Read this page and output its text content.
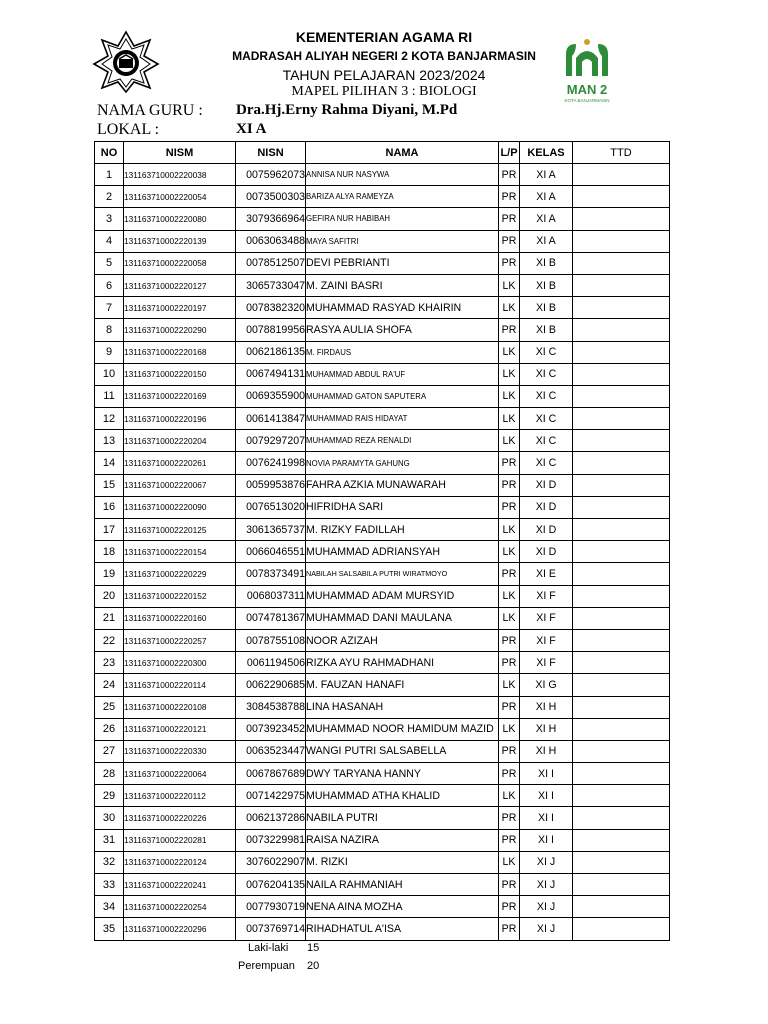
MAN 2
KOTA BANJARMASIN
KEMENTERIAN AGAMA RI
MADRASAH ALIYAH NEGERI 2 KOTA BANJARMASIN
TAHUN PELAJARAN 2023/2024
MAPEL PILIHAN 3 : BIOLOGI
NAMA GURU : Dra.Hj.Erny Rahma Diyani, M.Pd
LOKAL :	XI A
NO	NISM	NISN	NAMA	L/P	KELAS	TTD
1	131163710002220038	0075962073	ANNISA NUR NASYWA	PR	XI A	
2	131163710002220054	0073500303	BARIZA ALYA RAMEYZA	PR	XI A	
3	131163710002220080	3079366964	GEFIRA NUR HABIBAH	PR	XI A	
4	131163710002220139	0063063488	MAYA SAFITRI	PR	XI A	
5	131163710002220058	0078512507	DEVI PEBRIANTI	PR	XI B	
6	131163710002220127	3065733047	M. ZAINI BASRI	LK	XI B	
7	131163710002220197	0078382320	MUHAMMAD RASYAD KHAIRIN	LK	XI B	
8	131163710002220290	0078819956	RASYA AULIA SHOFA	PR	XI B	
9	131163710002220168	0062186135	M. FIRDAUS	LK	XI C	
10	131163710002220150	0067494131	MUHAMMAD ABDUL RA'UF	LK	XI C	
11	131163710002220169	0069355900	MUHAMMAD GATON SAPUTERA	LK	XI C	
12	131163710002220196	0061413847	MUHAMMAD RAIS HIDAYAT	LK	XI C	
13	131163710002220204	0079297207	MUHAMMAD REZA RENALDI	LK	XI C	
14	131163710002220261	0076241998	NOVIA PARAMYTA GAHUNG	PR	XI C	
15	131163710002220067	0059953876	FAHRA AZKIA MUNAWARAH	PR	XI D	
16	131163710002220090	0076513020	HIFRIDHA SARI	PR	XI D	
17	131163710002220125	3061365737	M. RIZKY FADILLAH	LK	XI D	
18	131163710002220154	0066046551	MUHAMMAD ADRIANSYAH	LK	XI D	
19	131163710002220229	0078373491	NABILAH SALSABILA PUTRI WIRATMOYO	PR	XI E	
20	131163710002220152	0068037311	MUHAMMAD ADAM MURSYID	LK	XI F	
21	131163710002220160	0074781367	MUHAMMAD DANI MAULANA	LK	XI F	
22	131163710002220257	0078755108	NOOR AZIZAH	PR	XI F	
23	131163710002220300	0061194506	RIZKA AYU RAHMADHANI	PR	XI F	
24	131163710002220114	0062290685	M. FAUZAN HANAFI	LK	XI G	
25	131163710002220108	3084538788	LINA HASANAH	PR	XI H	
26	131163710002220121	0073923452	MUHAMMAD NOOR HAMIDUM MAZID	LK	XI H	
27	131163710002220330	0063523447	WANGI PUTRI SALSABELLA	PR	XI H	
28	131163710002220064	0067867689	DWY TARYANA HANNY	PR	XI I	
29	131163710002220112	0071422975	MUHAMMAD ATHA KHALID	LK	XI I	
30	131163710002220226	0062137286	NABILA PUTRI	PR	XI I	
31	131163710002220281	0073229981	RAISA NAZIRA	PR	XI I	
32	131163710002220124	3076022907	M. RIZKI	LK	XI J	
33	131163710002220241	0076204135	NAILA RAHMANIAH	PR	XI J	
34	131163710002220254	0077930719	NENA AINA MOZHA	PR	XI J	
35	131163710002220296	0073769714	RIHADHATUL A'ISA	PR	XI J	
Laki-laki 15
Perempuan 20
